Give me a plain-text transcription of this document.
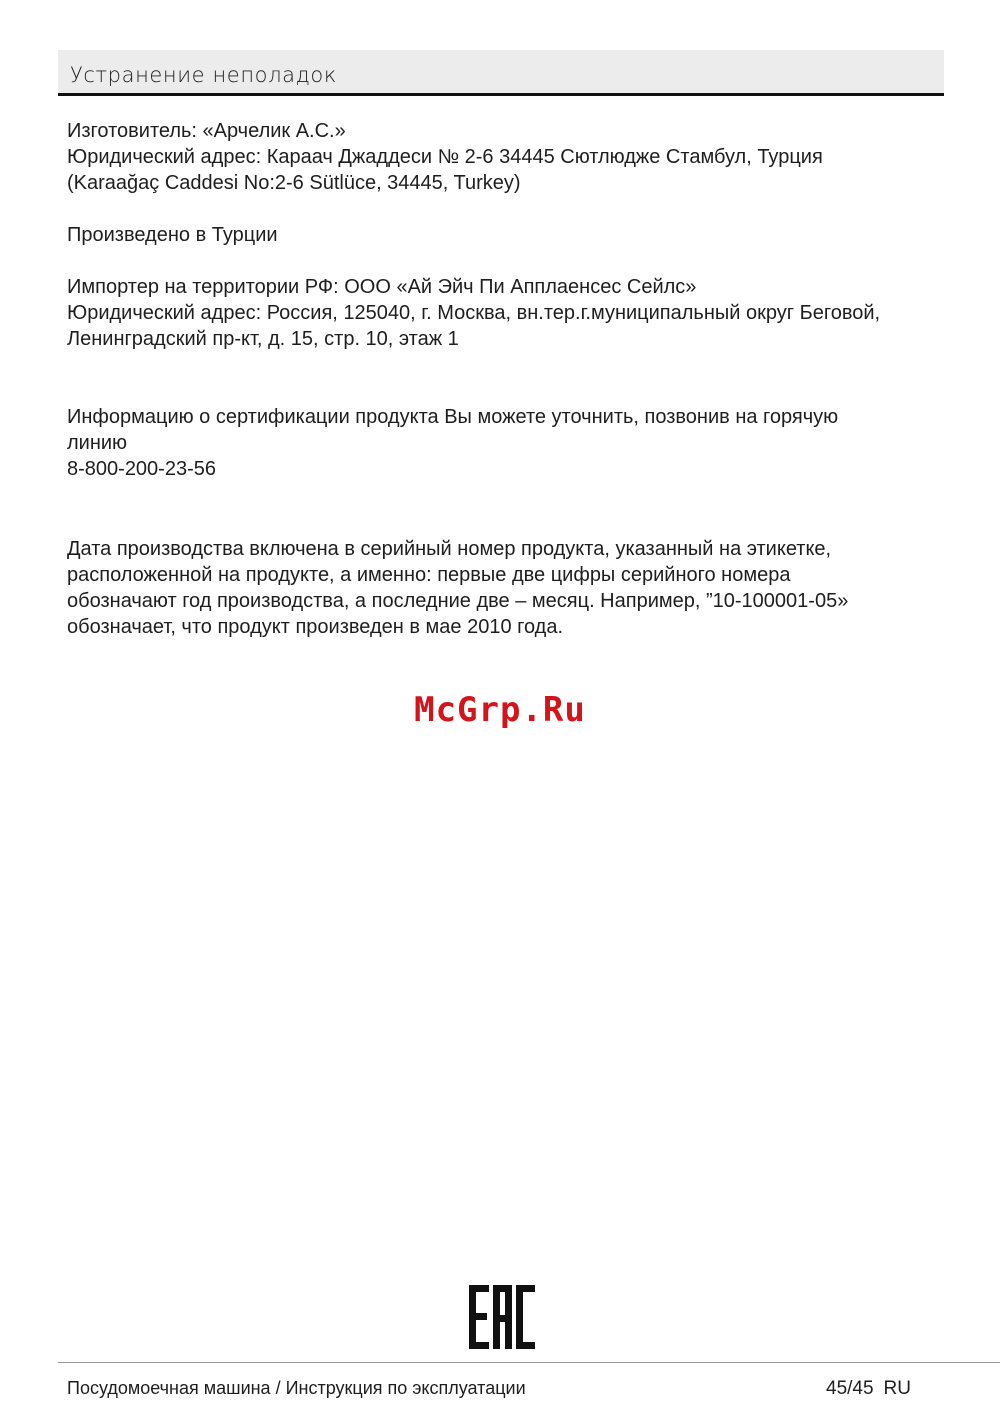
Устранение неполадок

Изготовитель: «Арчелик А.С.»

Юридический адрес: Караач Джаддеси № 2-6 34445 Сютлюдже Стамбул, Турция

(Karaağaç Caddesi No:2-6 Sütlüce, 34445, Turkey)

Произведено в Турции

Импортер на территории РФ: ООО «Ай Эйч Пи Апплаенсес Сейлс»

Юридический адрес: Россия, 125040, г. Москва, вн.тер.г.муниципальный округ Беговой,

Ленинградский пр-кт, д. 15, стр. 10, этаж 1

Информацию о сертификации продукта Вы можете уточнить, позвонив на горячую

линию

8-800-200-23-56

Дата производства включена в серийный номер продукта, указанный на этикетке,

расположенной на продукте, а именно: первые две цифры серийного номера

обозначают год производства, а последние две – месяц. Например, ”10-100001-05»

обозначает, что продукт произведен в мае 2010 года.

McGrp.Ru
Посудомоечная машина / Инструкция по эксплуатации	45/45 RU
